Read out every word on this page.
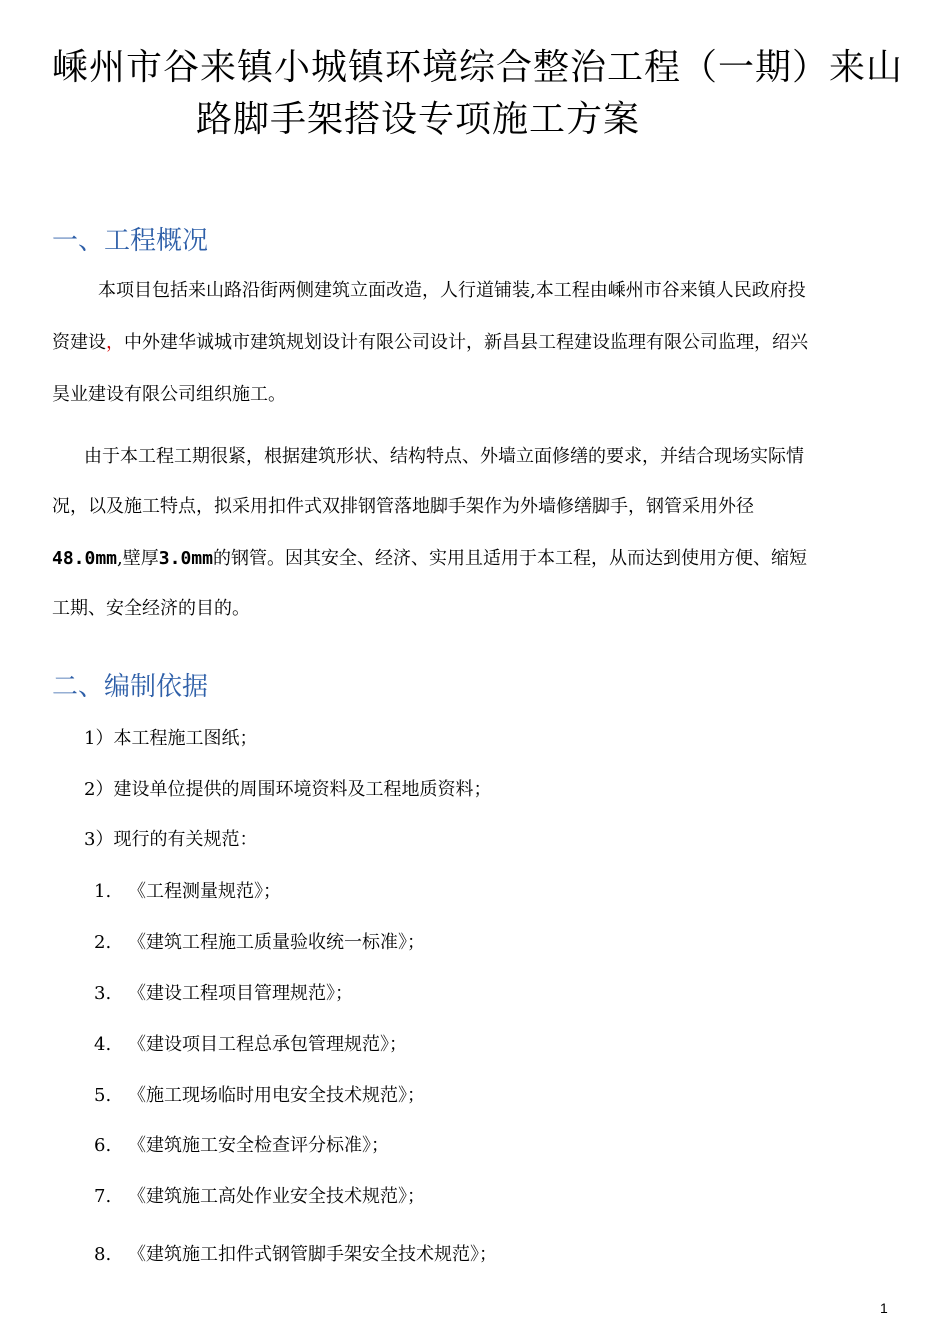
嵊州市谷来镇小城镇环境综合整治工程（一期）来山
路脚手架搭设专项施工方案
一、工程概况
本项目包括来山路沿街两侧建筑立面改造，人行道铺装,本工程由嵊州市谷来镇人民政府投
资建设，中外建华诚城市建筑规划设计有限公司设计，新昌县工程建设监理有限公司监理，绍兴
昊业建设有限公司组织施工。
由于本工程工期很紧，根据建筑形状、结构特点、外墙立面修缮的要求，并结合现场实际情
况，以及施工特点，拟采用扣件式双排钢管落地脚手架作为外墙修缮脚手，钢管采用外径
48.0mm,壁厚3.0mm的钢管。因其安全、经济、实用且适用于本工程，从而达到使用方便、缩短
工期、安全经济的目的。
二、编制依据
1）本工程施工图纸；
2）建设单位提供的周围环境资料及工程地质资料；
3）现行的有关规范：
1. 《工程测量规范》；
2. 《建筑工程施工质量验收统一标准》；
3. 《建设工程项目管理规范》；
4. 《建设项目工程总承包管理规范》；
5. 《施工现场临时用电安全技术规范》；
6. 《建筑施工安全检查评分标准》；
7. 《建筑施工高处作业安全技术规范》；
8. 《建筑施工扣件式钢管脚手架安全技术规范》；
1
